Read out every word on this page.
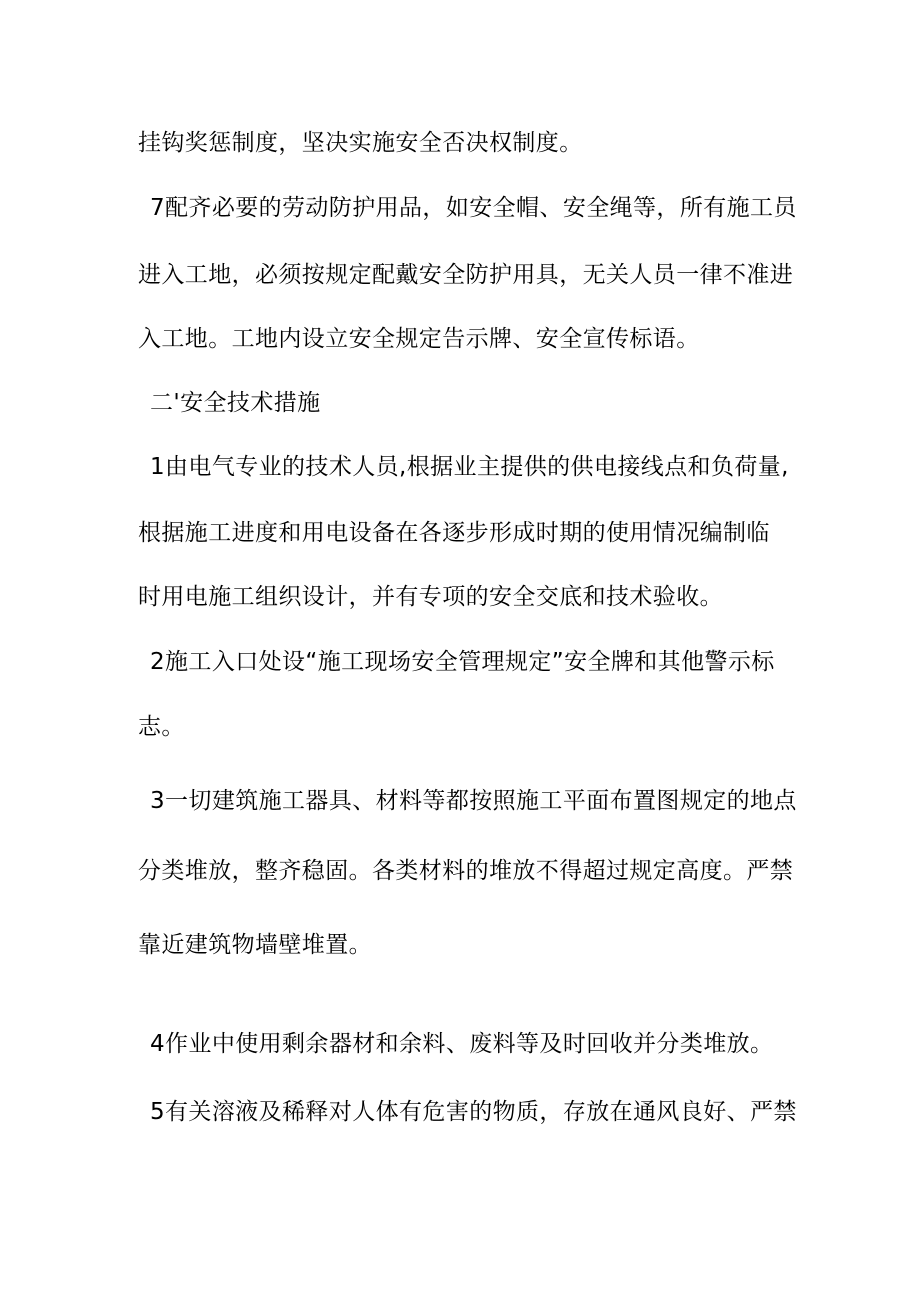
挂钩奖惩制度，坚决实施安全否决权制度。
7配齐必要的劳动防护用品，如安全帽、安全绳等，所有施工员
进入工地，必须按规定配戴安全防护用具，无关人员一律不准进
入工地。工地内设立安全规定告示牌、安全宣传标语。
二'安全技术措施
1由电气专业的技术人员,根据业主提供的供电接线点和负荷量,
根据施工进度和用电设备在各逐步形成时期的使用情况编制临
时用电施工组织设计，并有专项的安全交底和技术验收。
2施工入口处设“施工现场安全管理规定”安全牌和其他警示标
志。
3一切建筑施工器具、材料等都按照施工平面布置图规定的地点
分类堆放，整齐稳固。各类材料的堆放不得超过规定高度。严禁
靠近建筑物墙壁堆置。
4作业中使用剩余器材和余料、废料等及时回收并分类堆放。
5有关溶液及稀释对人体有危害的物质，存放在通风良好、严禁
